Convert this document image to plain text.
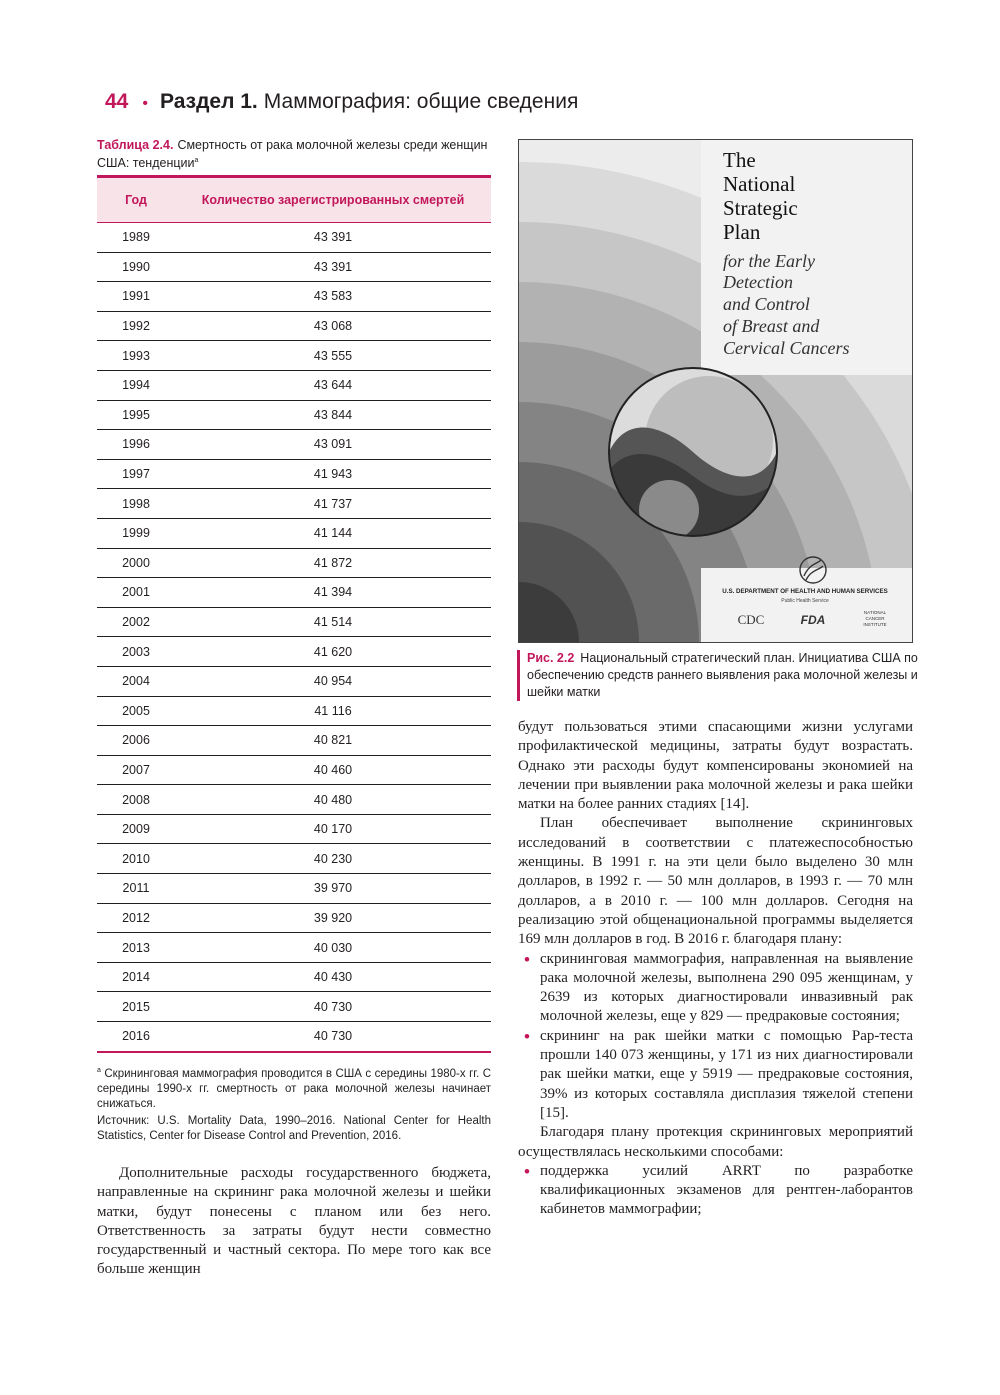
44 • Раздел 1. Маммография: общие сведения
Таблица 2.4. Смертность от рака молочной железы среди женщин США: тенденции$^а$
Год	Количество зарегистрированных смертей
1989	43 391
1990	43 391
1991	43 583
1992	43 068
1993	43 555
1994	43 644
1995	43 844
1996	43 091
1997	41 943
1998	41 737
1999	41 144
2000	41 872
2001	41 394
2002	41 514
2003	41 620
2004	40 954
2005	41 116
2006	40 821
2007	40 460
2008	40 480
2009	40 170
2010	40 230
2011	39 970
2012	39 920
2013	40 030
2014	40 430
2015	40 730
2016	40 730
$^а$ Скрининговая маммография проводится в США с середины 1980-х гг. С середины 1990-х гг. смертность от рака молочной железы начинает снижаться.
Источник: U.S. Mortality Data, 1990–2016. National Center for Health Statistics, Center for Disease Control and Prevention, 2016.

Дополнительные расходы государственного бюджета, направленные на скрининг рака молочной железы и шейки матки, будут понесены с планом или без него. Ответственность за затраты будут нести совместно государственный и частный сектора. По мере того как все больше женщин

The
National
Strategic
Plan
for the Early
Detection
and Control
of Breast and
Cervical Cancers
U.S. DEPARTMENT OF HEALTH AND HUMAN SERVICES
Public Health Service
CDC	FDA
NATIONAL
CANCER
INSTITUTE
Рис. 2.2 Национальный стратегический план. Инициатива США по обеспечению средств раннего выявления рака молочной железы и шейки матки

будут пользоваться этими спасающими жизни услугами профилактической медицины, затраты будут возрастать. Однако эти расходы будут компенсированы экономией на лечении при выявлении рака молочной железы и рака шейки матки на более ранних стадиях [14].

План обеспечивает выполнение скрининговых исследований в соответствии с платежеспособностью женщины. В 1991 г. на эти цели было выделено 30 млн долларов, в 1992 г. — 50 млн долларов, в 1993 г. — 70 млн долларов, а в 2010 г. — 100 млн долларов. Сегодня на реализацию этой общенациональной программы выделяется 169 млн долларов в год. В 2016 г. благодаря плану:

• скрининговая маммография, направленная на выявление рака молочной железы, выполнена 290 095 женщинам, у 2639 из которых диагностировали инвазивный рак молочной железы, еще у 829 — предраковые состояния;
• скрининг на рак шейки матки с помощью Pap-теста прошли 140 073 женщины, у 171 из них диагностировали рак шейки матки, еще у 5919 — предраковые состояния, 39% из которых составляла дисплазия тяжелой степени [15].

Благодаря плану протекция скрининговых мероприятий осуществлялась несколькими способами:

• поддержка усилий ARRT по разработке квалификационных экзаменов для рентген-лаборантов кабинетов маммографии;
